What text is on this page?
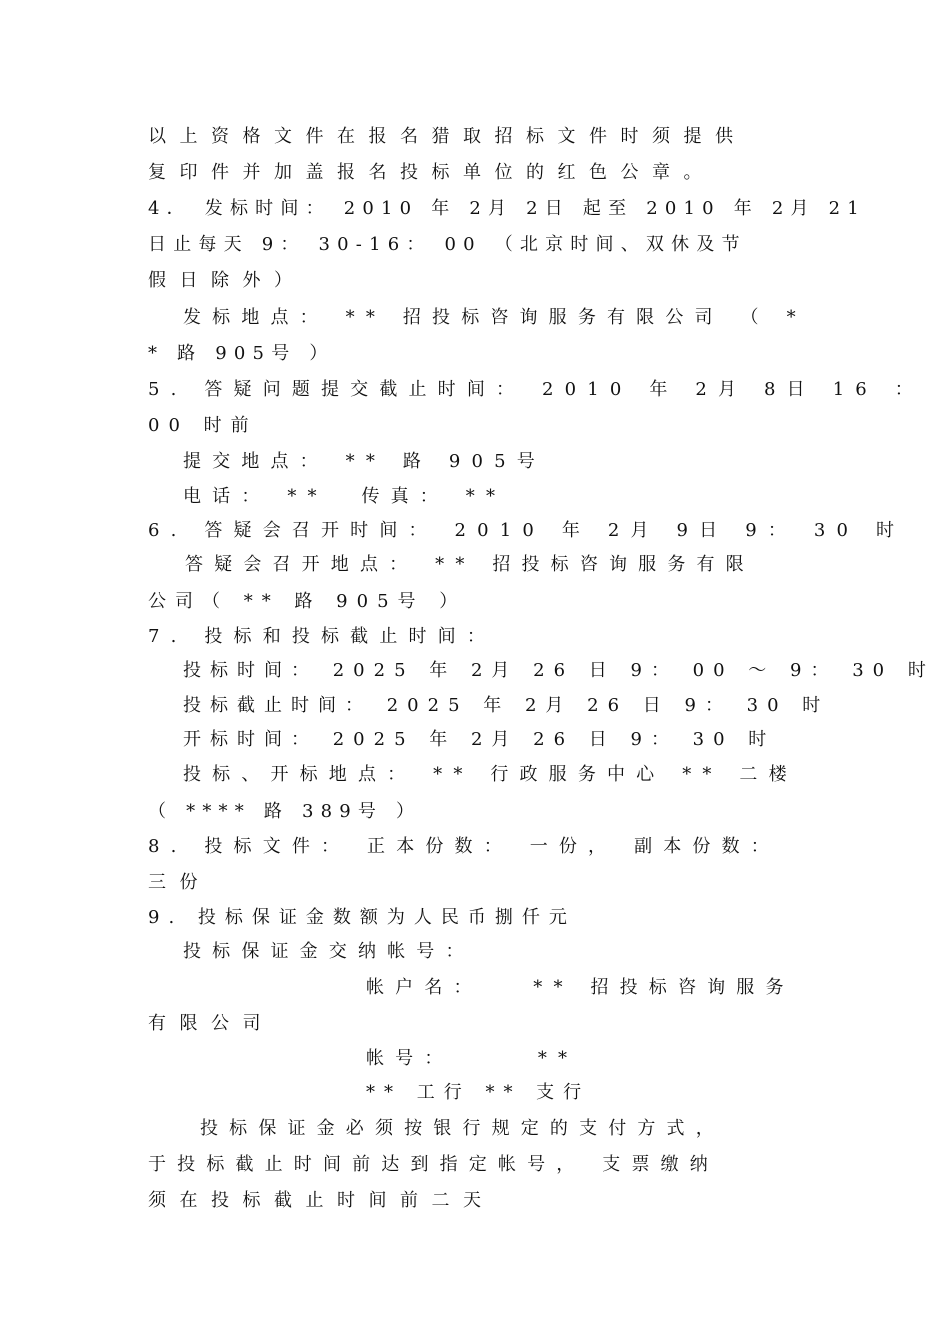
以上资格文件在报名猎取招标文件时须提供

复印件并加盖报名投标单位的红色公章。

4． 发标时间： 2010 年 2月 2日 起至 2010 年 2月 21

日止每天 9： 30-16： 00 （北京时间、双休及节

假日除外）

发标地点： ** 招投标咨询服务有限公司 （ *

* 路 905号 ）

5. 答疑问题提交截止时间： 2010 年 2月 8日 16 ：

00 时前

提交地点： ** 路 905号

电话： **  传真： **

6. 答疑会召开时间： 2010 年 2月 9日 9： 30 时

答疑会召开地点： ** 招投标咨询服务有限

公司（ ** 路 905号 ）

7. 投标和投标截止时间：

投标时间： 2025 年 2月 26 日 9： 00 ～ 9： 30 时

投标截止时间： 2025 年 2月 26 日 9： 30 时

开标时间： 2025 年 2月 26 日 9： 30 时

投标、开标地点： ** 行政服务中心 ** 二楼

（ **** 路 389号 ）

8. 投标文件： 正本份数： 一份， 副本份数：

三份

9. 投标保证金数额为人民币捌仟元

投标保证金交纳帐号：

帐户名：   ** 招投标咨询服务

有限公司

帐号：     **

** 工行 ** 支行

投标保证金必须按银行规定的支付方式，

于投标截止时间前达到指定帐号， 支票缴纳

须在投标截止时间前二天
